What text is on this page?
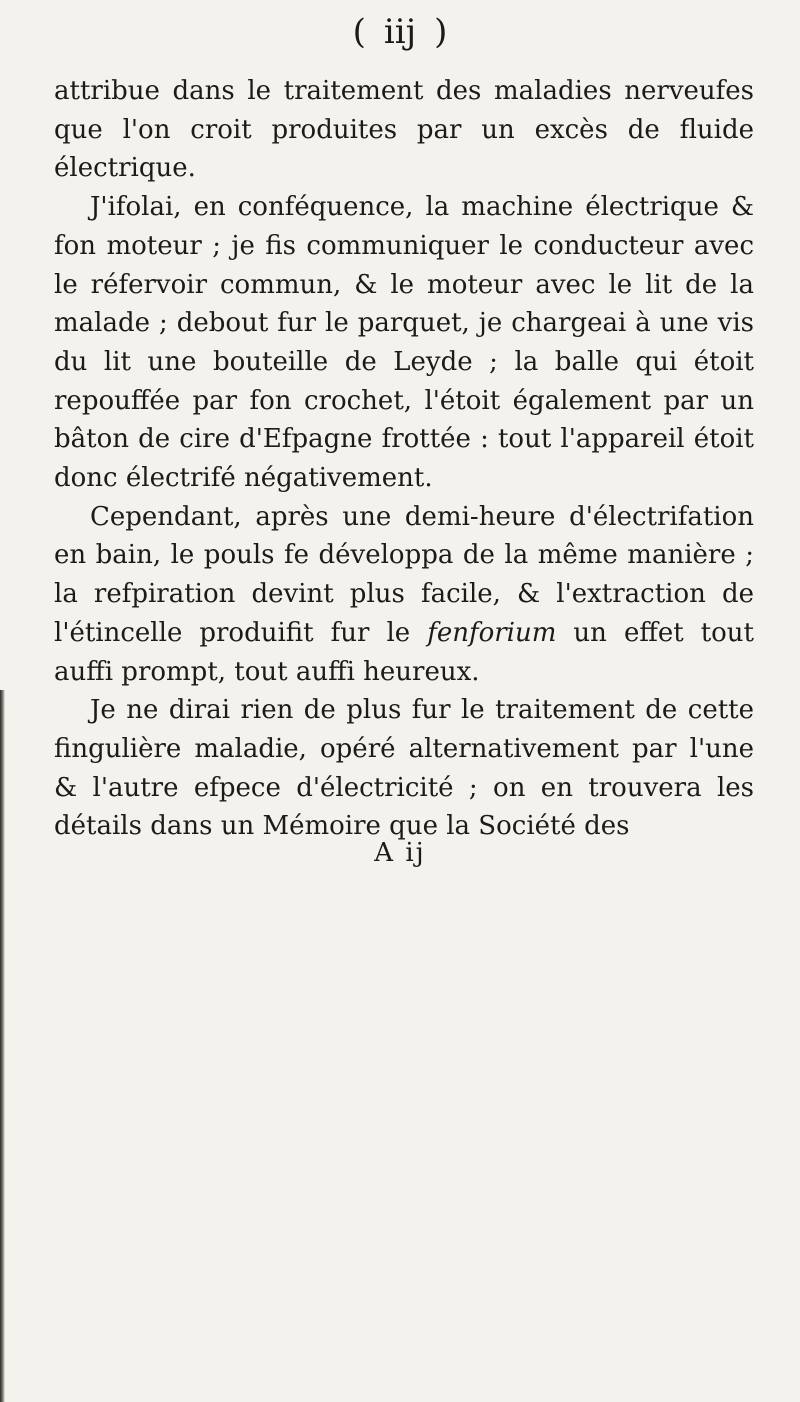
( iij )

attribue dans le traitement des maladies nerveufes que l'on croit produites par un excès de fluide électrique.

J'ifolai, en conféquence, la machine électrique & fon moteur ; je fis communiquer le conducteur avec le réfervoir commun, & le moteur avec le lit de la malade ; debout fur le parquet, je chargeai à une vis du lit une bouteille de Leyde ; la balle qui étoit repouffée par fon crochet, l'étoit également par un bâton de cire d'Efpagne frottée : tout l'appareil étoit donc électrifé négativement.

Cependant, après une demi-heure d'électrifation en bain, le pouls fe développa de la même manière ; la refpiration devint plus facile, & l'extraction de l'étincelle produifit fur le fenforium un effet tout auffi prompt, tout auffi heureux.

Je ne dirai rien de plus fur le traitement de cette fingulière maladie, opéré alternativement par l'une & l'autre efpece d'électricité ; on en trouvera les détails dans un Mémoire que la Société des

A ij
